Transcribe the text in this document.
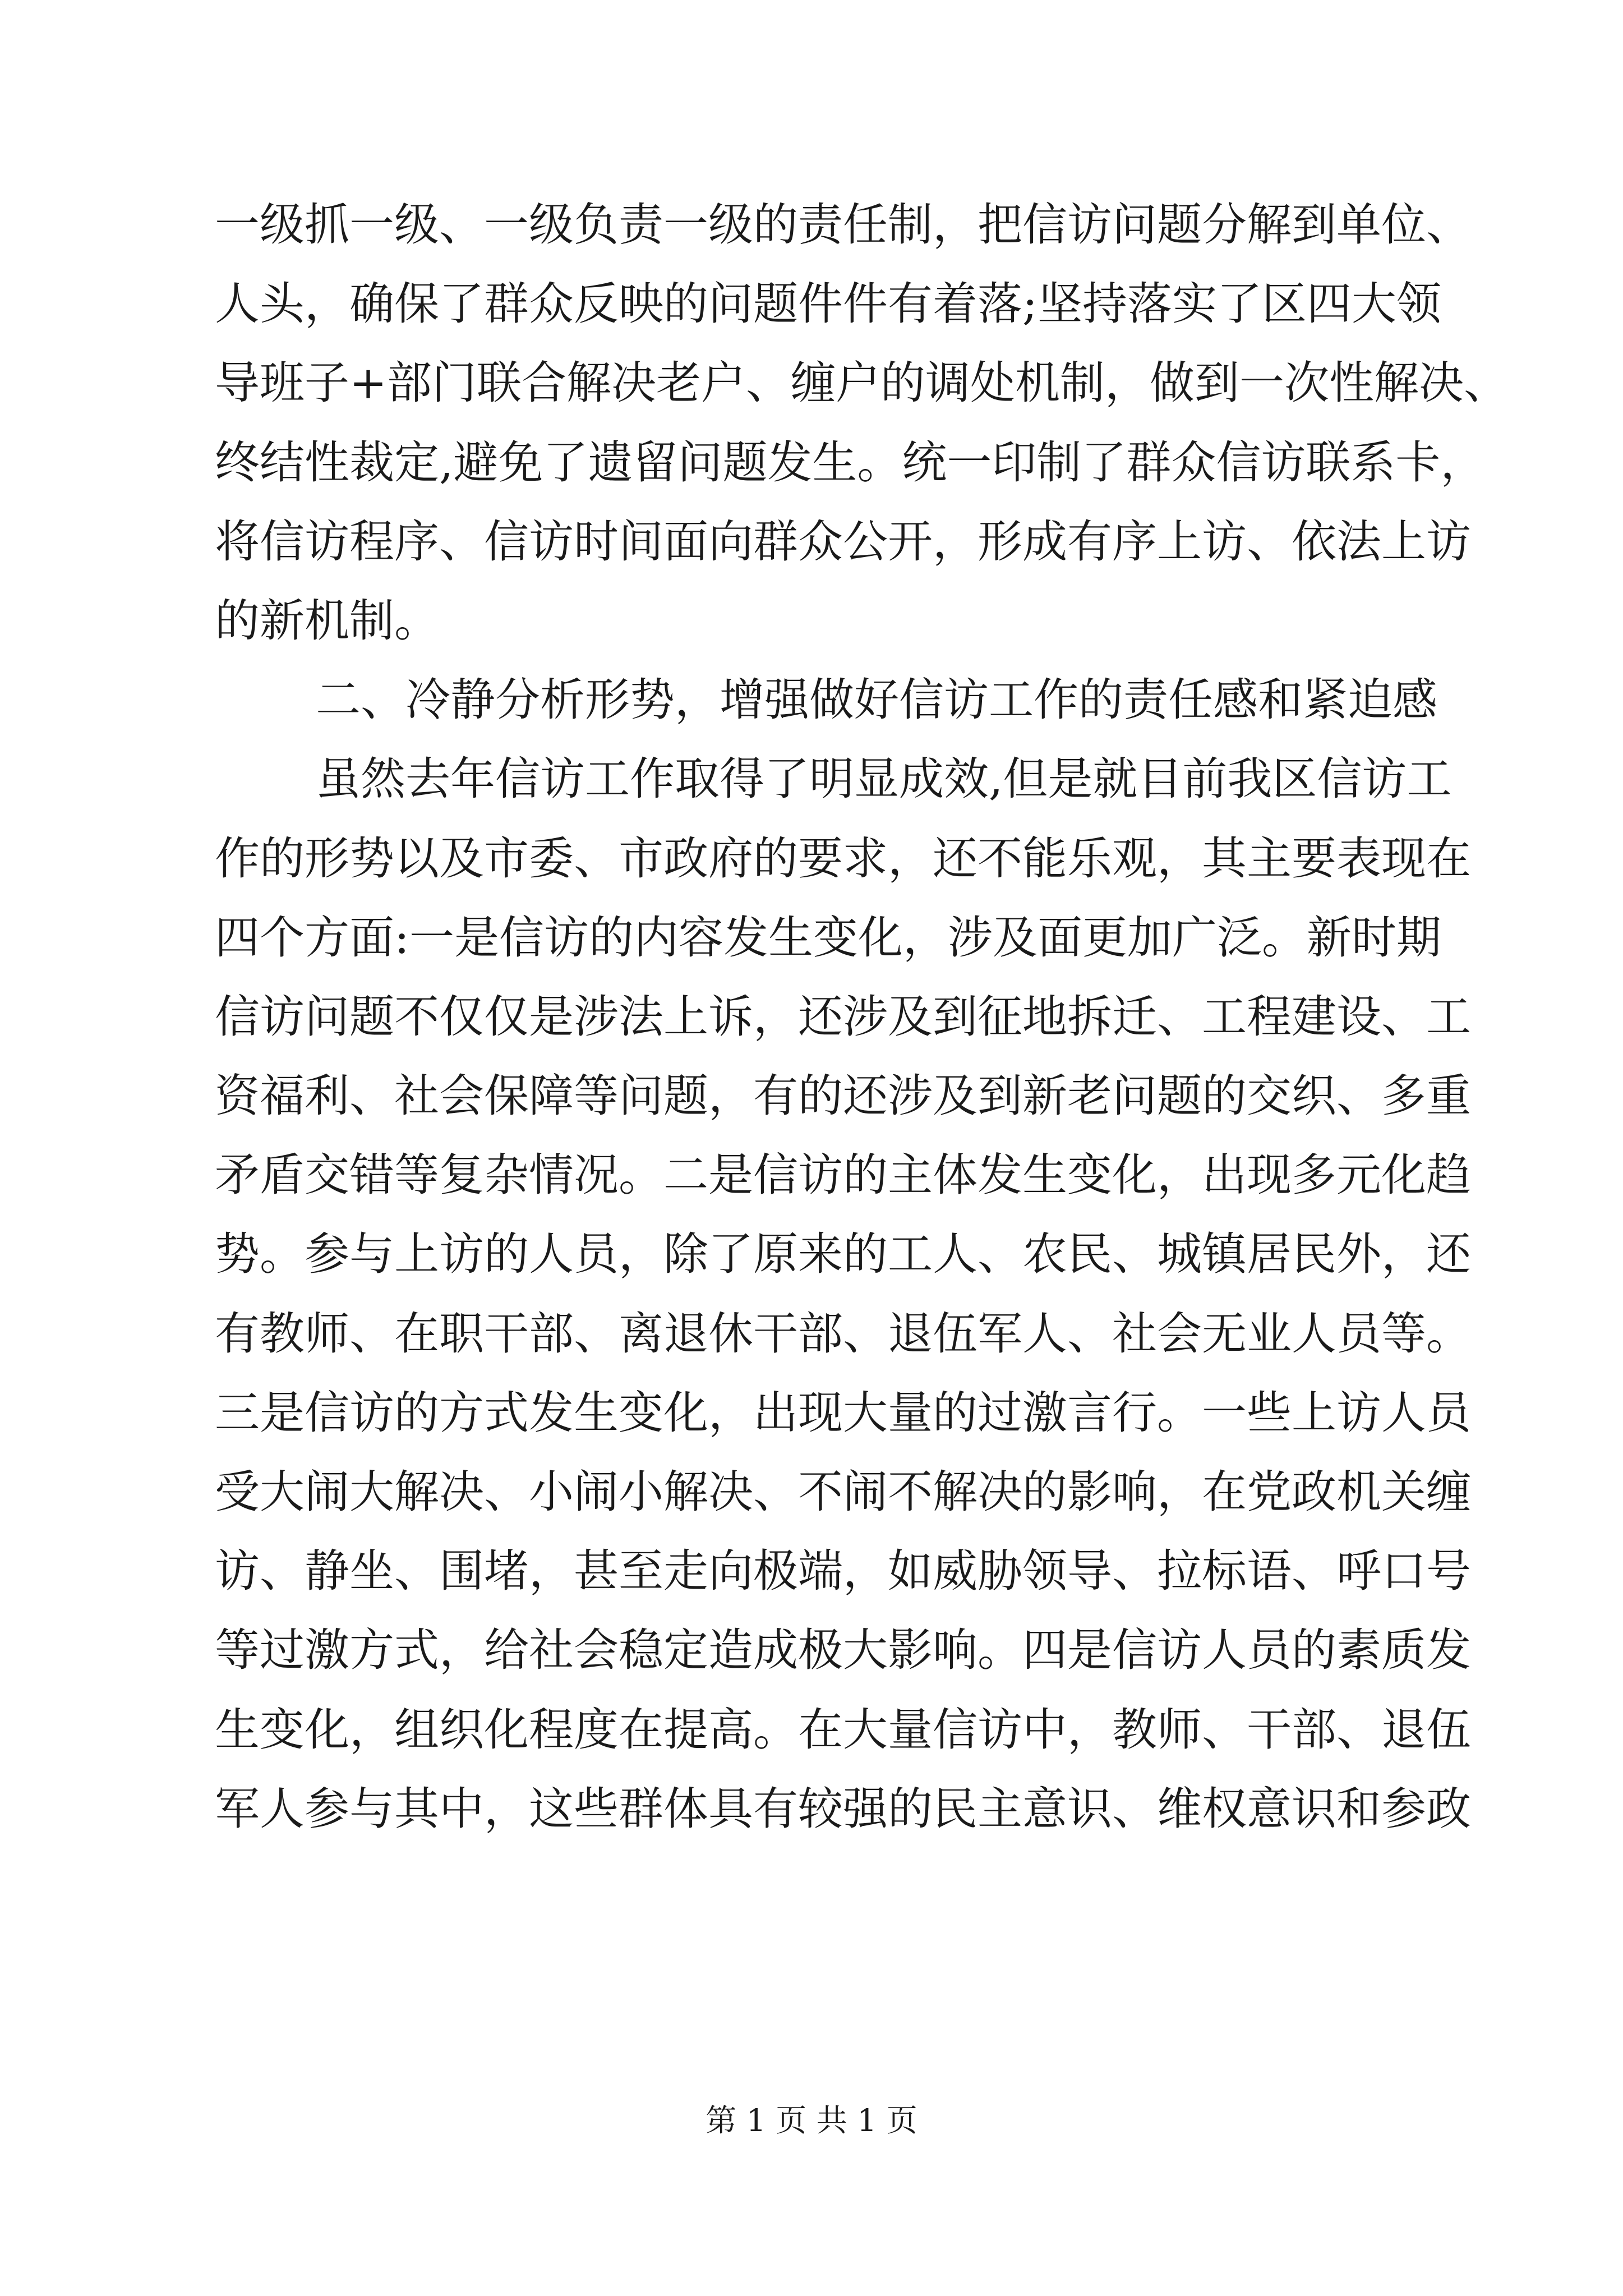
一级抓一级、一级负责一级的责任制，把信访问题分解到单位、
人头，确保了群众反映的问题件件有着落;坚持落实了区四大领
导班子+部门联合解决老户、缠户的调处机制，做到一次性解决、
终结性裁定,避免了遗留问题发生。统一印制了群众信访联系卡，
将信访程序、信访时间面向群众公开，形成有序上访、依法上访
的新机制。
二、冷静分析形势，增强做好信访工作的责任感和紧迫感
虽然去年信访工作取得了明显成效,但是就目前我区信访工
作的形势以及市委、市政府的要求，还不能乐观，其主要表现在
四个方面:一是信访的内容发生变化，涉及面更加广泛。新时期
信访问题不仅仅是涉法上诉，还涉及到征地拆迁、工程建设、工
资福利、社会保障等问题，有的还涉及到新老问题的交织、多重
矛盾交错等复杂情况。二是信访的主体发生变化，出现多元化趋
势。参与上访的人员，除了原来的工人、农民、城镇居民外，还
有教师、在职干部、离退休干部、退伍军人、社会无业人员等。
三是信访的方式发生变化，出现大量的过激言行。一些上访人员
受大闹大解决、小闹小解决、不闹不解决的影响，在党政机关缠
访、静坐、围堵，甚至走向极端，如威胁领导、拉标语、呼口号
等过激方式，给社会稳定造成极大影响。四是信访人员的素质发
生变化，组织化程度在提高。在大量信访中，教师、干部、退伍
军人参与其中，这些群体具有较强的民主意识、维权意识和参政
第 1 页 共 1 页
